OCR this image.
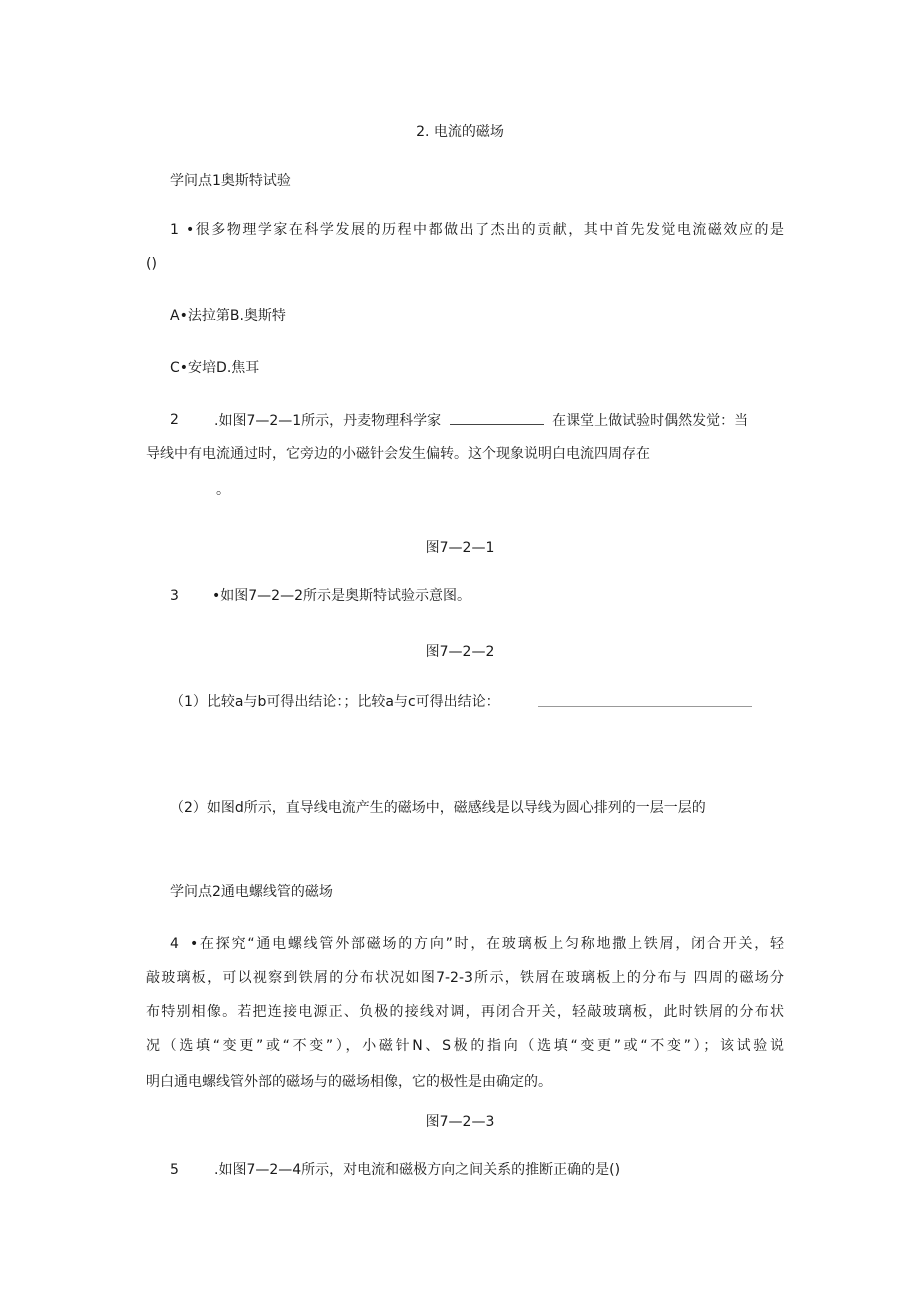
2. 电流的磁场
学问点1奥斯特试验
1 •很多物理学家在科学发展的历程中都做出了杰出的贡献，其中首先发觉电流磁效应的是
()
A•法拉第B.奥斯特
C•安培D.焦耳
2	.如图7—2—1所示，丹麦物理科学家	在课堂上做试验时偶然发觉：当
导线中有电流通过时，它旁边的小磁针会发生偏转。这个现象说明白电流四周存在
。
图7—2—1
3 •如图7—2—2所示是奥斯特试验示意图。
图7—2—2
（1）比较a与b可得出结论：；比较a与c可得出结论：
（2）如图d所示，直导线电流产生的磁场中，磁感线是以导线为圆心排列的一层一层的
学问点2通电螺线管的磁场
4 •在探究“通电螺线管外部磁场的方向”时，在玻璃板上匀称地撒上铁屑，闭合开关，轻
敲玻璃板，可以视察到铁屑的分布状况如图7-2-3所示，铁屑在玻璃板上的分布与 四周的磁场分
布特别相像。若把连接电源正、负极的接线对调，再闭合开关，轻敲玻璃板，此时铁屑的分布状
况（选填“变更”或“不变”），小磁针N、S极的指向（选填“变更”或“不变”）；该试验说
明白通电螺线管外部的磁场与的磁场相像，它的极性是由确定的。
图7—2—3
5	.如图7—2—4所示，对电流和磁极方向之间关系的推断正确的是()
